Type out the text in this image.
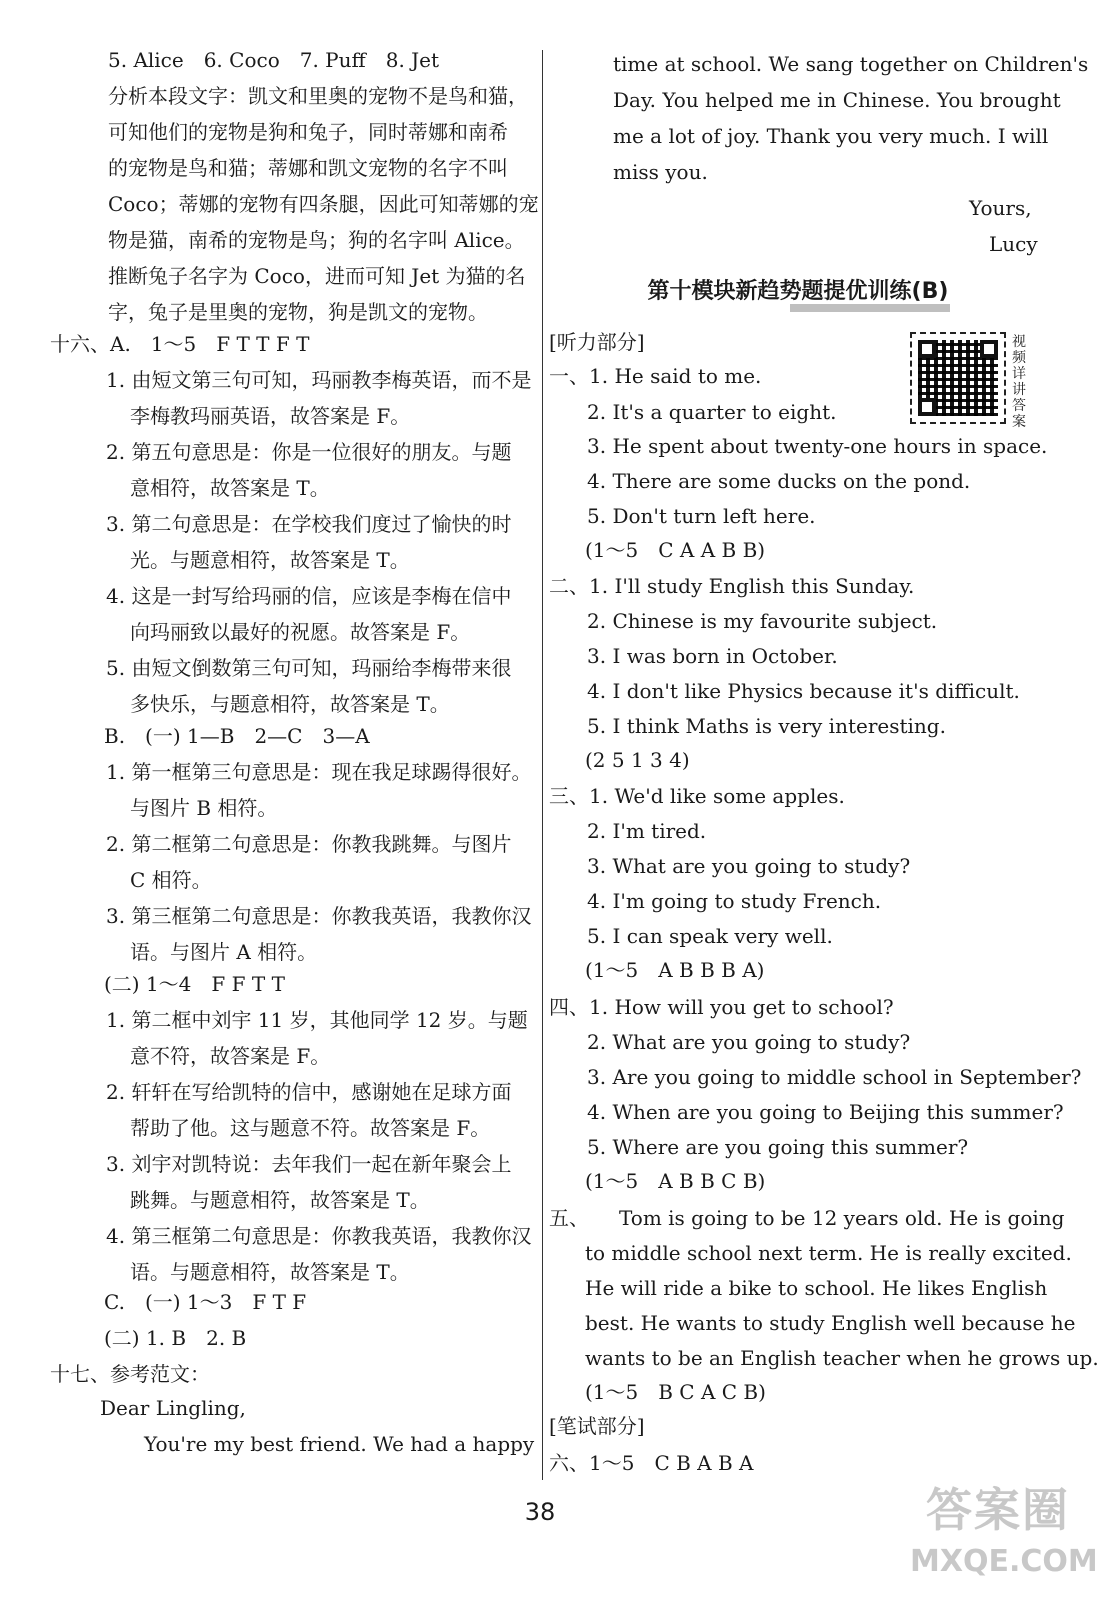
5. Alice　6. Coco　7. Puff　8. Jet
分析本段文字：凯文和里奥的宠物不是鸟和猫，
可知他们的宠物是狗和兔子，同时蒂娜和南希
的宠物是鸟和猫；蒂娜和凯文宠物的名字不叫
Coco；蒂娜的宠物有四条腿，因此可知蒂娜的宠
物是猫，南希的宠物是鸟；狗的名字叫 Alice。
推断兔子名字为 Coco，进而可知 Jet 为猫的名
字，兔子是里奥的宠物，狗是凯文的宠物。
十六、A.　1～5　F T T F T
1. 由短文第三句可知，玛丽教李梅英语，而不是
李梅教玛丽英语，故答案是 F。
2. 第五句意思是：你是一位很好的朋友。与题
意相符，故答案是 T。
3. 第二句意思是：在学校我们度过了愉快的时
光。与题意相符，故答案是 T。
4. 这是一封写给玛丽的信，应该是李梅在信中
向玛丽致以最好的祝愿。故答案是 F。
5. 由短文倒数第三句可知，玛丽给李梅带来很
多快乐，与题意相符，故答案是 T。
B.　(一) 1—B　2—C　3—A
1. 第一框第三句意思是：现在我足球踢得很好。
与图片 B 相符。
2. 第二框第二句意思是：你教我跳舞。与图片
C 相符。
3. 第三框第二句意思是：你教我英语，我教你汉
语。与图片 A 相符。
(二) 1～4　F F T T
1. 第二框中刘宇 11 岁，其他同学 12 岁。与题
意不符，故答案是 F。
2. 轩轩在写给凯特的信中，感谢她在足球方面
帮助了他。这与题意不符。故答案是 F。
3. 刘宇对凯特说：去年我们一起在新年聚会上
跳舞。与题意相符，故答案是 T。
4. 第三框第二句意思是：你教我英语，我教你汉
语。与题意相符，故答案是 T。
C.　(一) 1～3　F T F
(二) 1. B　2. B
十七、参考范文：
Dear Lingling,
You're my best friend. We had a happy
time at school. We sang together on Children's
Day. You helped me in Chinese. You brought
me a lot of joy. Thank you very much. I will
miss you.
Yours,
Lucy
[听力部分]
一、1. He said to me.
2. It's a quarter to eight.
3. He spent about twenty-one hours in space.
4. There are some ducks on the pond.
5. Don't turn left here.
(1～5　C A A B B)
二、1. I'll study English this Sunday.
2. Chinese is my favourite subject.
3. I was born in October.
4. I don't like Physics because it's difficult.
5. I think Maths is very interesting.
(2 5 1 3 4)
三、1. We'd like some apples.
2. I'm tired.
3. What are you going to study?
4. I'm going to study French.
5. I can speak very well.
(1～5　A B B B A)
四、1. How will you get to school?
2. What are you going to study?
3. Are you going to middle school in September?
4. When are you going to Beijing this summer?
5. Where are you going this summer?
(1～5　A B B C B)
五、　　Tom is going to be 12 years old. He is going
to middle school next term. He is really excited.
He will ride a bike to school. He likes English
best. He wants to study English well because he
wants to be an English teacher when he grows up.
(1～5　B C A C B)
[笔试部分]
六、1～5　C B A B A
第十模块新趋势题提优训练(B)
视频详讲答案
38	答案圈
MXQE.COM
